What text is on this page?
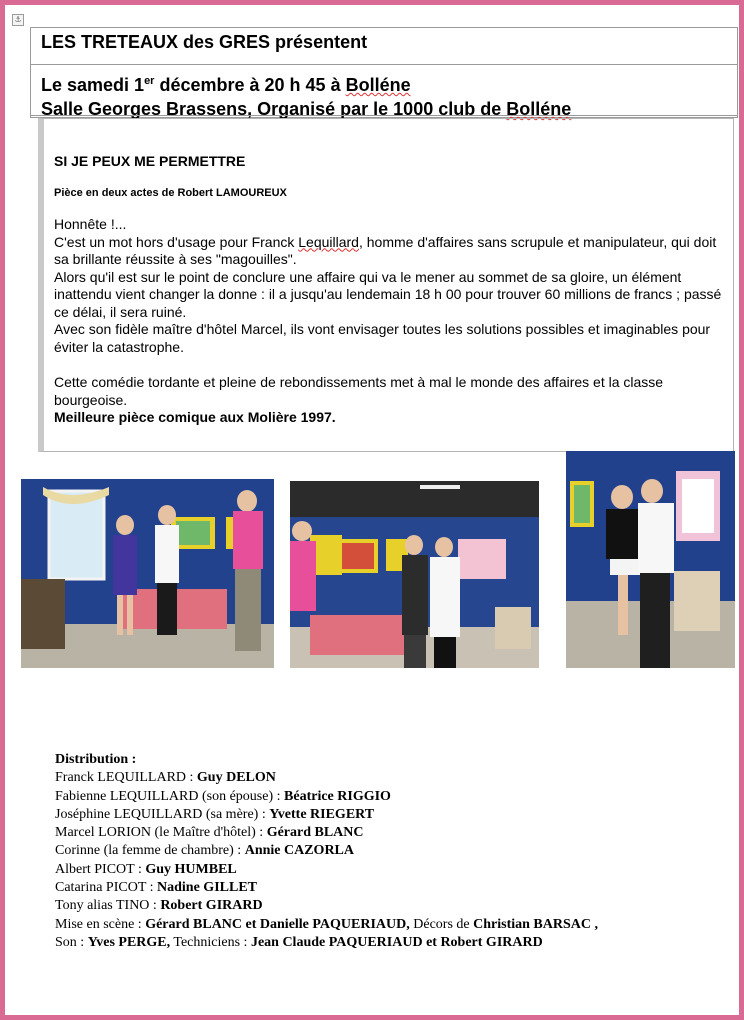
⚓
LES TRETEAUX des GRES présentent
Le samedi 1er décembre à 20 h 45 à Bolléne
Salle Georges Brassens, Organisé par le 1000 club de Bolléne
SI JE PEUX ME PERMETTRE
Pièce en deux actes de Robert LAMOUREUX

Honnête !...

C'est un mot hors d'usage pour Franck Lequillard, homme d'affaires sans scrupule et manipulateur, qui doit sa brillante réussite à ses "magouilles".

Alors qu'il est sur le point de conclure une affaire qui va le mener au sommet de sa gloire, un élément inattendu vient changer la donne : il a jusqu'au lendemain 18 h 00 pour trouver 60 millions de francs ; passé ce délai, il sera ruiné.

Avec son fidèle maître d'hôtel Marcel, ils vont envisager toutes les solutions possibles et imaginables pour éviter la catastrophe.

Cette comédie tordante et pleine de rebondissements met à mal le monde des affaires et la classe bourgeoise.

Meilleure pièce comique aux Molière 1997.

Distribution :
Franck LEQUILLARD : Guy DELON
Fabienne LEQUILLARD (son épouse) : Béatrice RIGGIO
Joséphine LEQUILLARD (sa mère) : Yvette RIEGERT
Marcel LORION (le Maître d'hôtel) : Gérard BLANC
Corinne (la femme de chambre) : Annie CAZORLA
Albert PICOT : Guy HUMBEL
Catarina PICOT : Nadine GILLET
Tony alias TINO : Robert GIRARD
Mise en scène : Gérard BLANC et Danielle PAQUERIAUD, Décors de Christian BARSAC ,
Son : Yves PERGE, Techniciens : Jean Claude PAQUERIAUD et Robert GIRARD
